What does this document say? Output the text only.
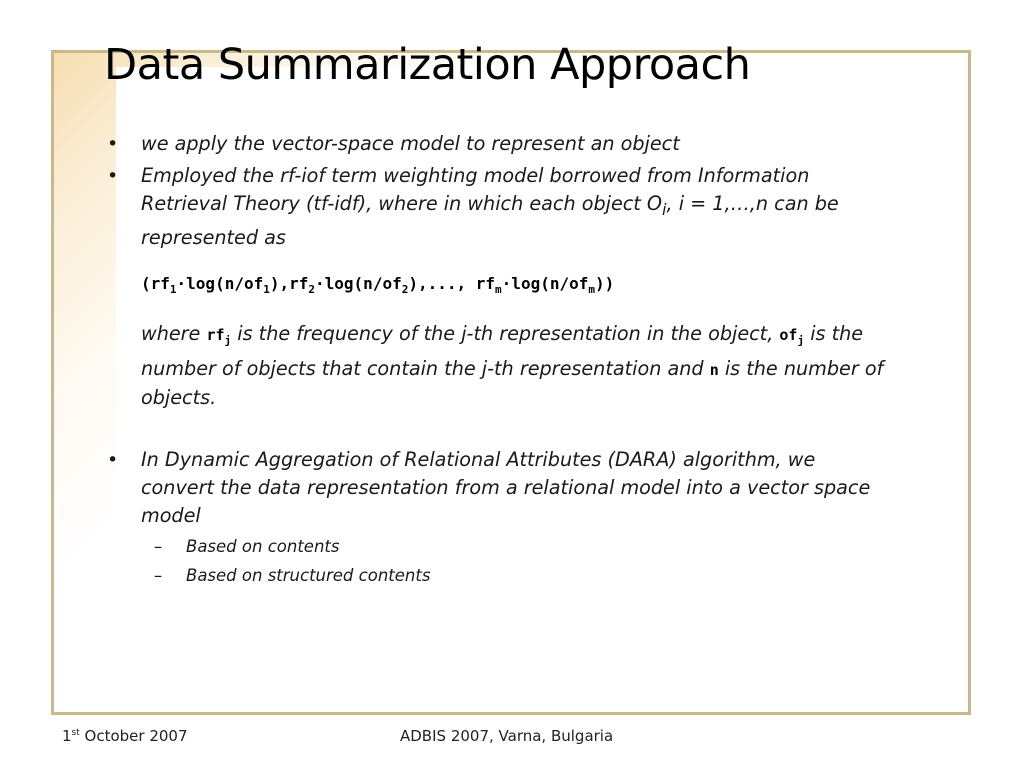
Data Summarization Approach
• we apply the vector-space model to represent an object
• Employed the rf-iof term weighting model borrowed from Information Retrieval Theory (tf-idf), where in which each object $O_i$, i = 1,…,n can be represented as
($rf_1\cdot\log(n/of_1),rf_2\cdot\log(n/of_2)$,..., $rf_m\cdot\log(n/of_m)$)
where $rf_j$ is the frequency of the j-th representation in the object, $of_j$ is the number of objects that contain the j-th representation and n is the number of objects.
• In Dynamic Aggregation of Relational Attributes (DARA) algorithm, we convert the data representation from a relational model into a vector space model
– Based on contents
– Based on structured contents
1st October 2007	ADBIS 2007, Varna, Bulgaria
